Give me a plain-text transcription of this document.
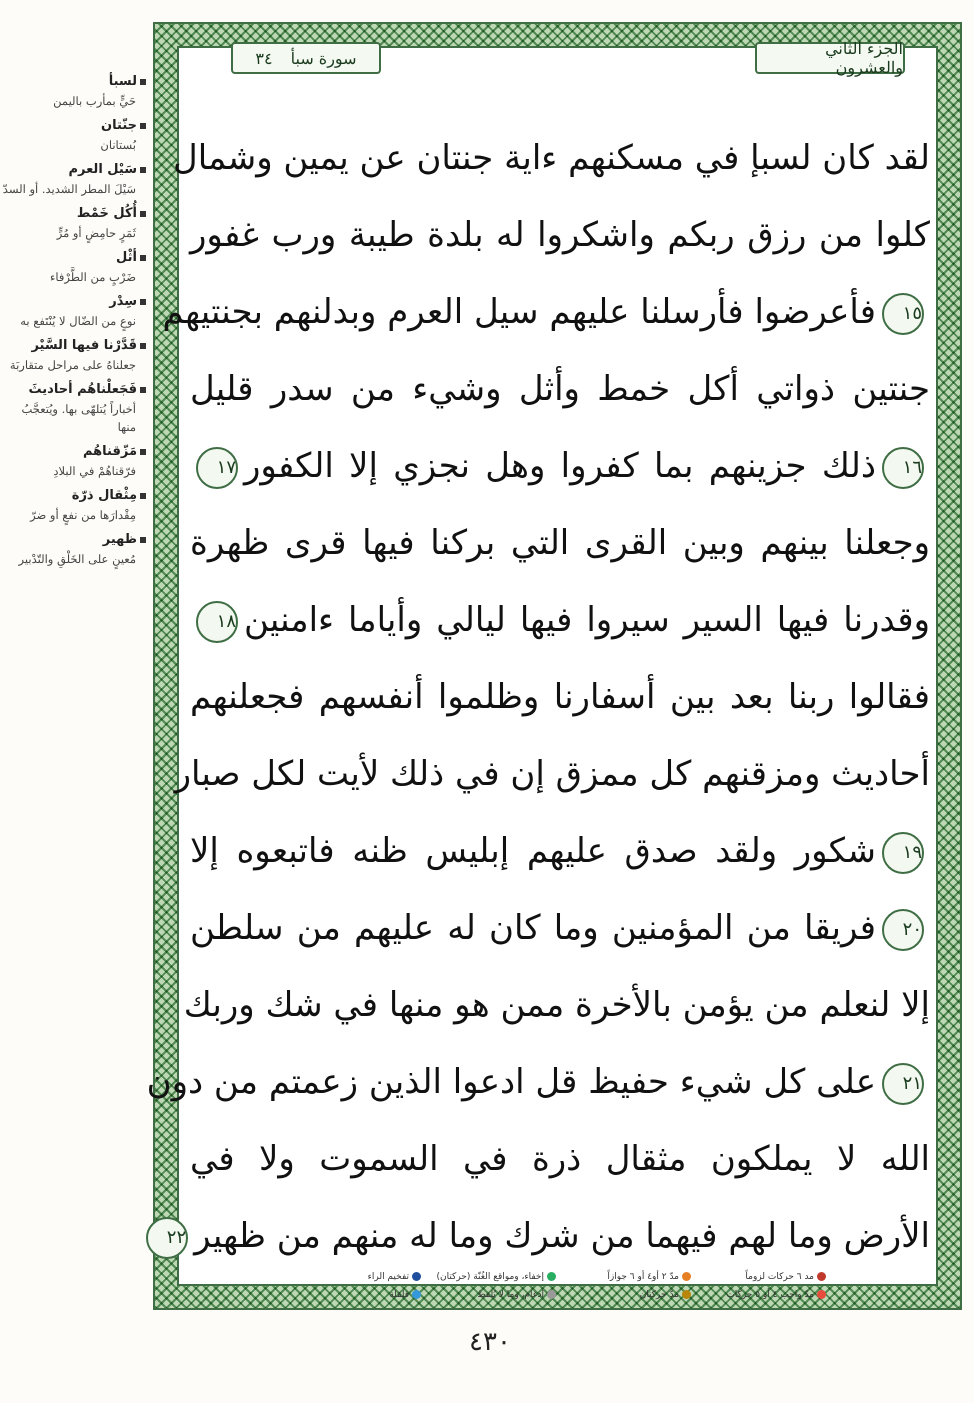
لسبأ
حَيٍّ بمأرب باليمن
جنّتان
بُستانان
سَيْل العرم
سَيْلَ المطر الشديد. أو السدّ
أُكُل خَمْط
ثَمَرٍ حامِضٍ أو مُرٍّ
أثْل
ضَرْبٍ من الطَّرْفاء
سِدْر
نوعٍ من الضّال لا يُنْتَفع به
قَدَّرْنا فيها السَّيْر
جعلناهُ على مراحل متقاربَة
فَجَعلْناهُم أحاديثَ
أخباراً يُتلهّى بها. ويُتعجَّبُ منها
مَزّقناهُم
فرّقناهُمْ في البلادِ
مِثْقال ذرّة
مِقْدارَها من نفعٍ أو ضرّ
ظهير
مُعينٍ على الخَلْقِ والتّدْبير
الجزء الثاني والعشرون
سورة سبأ
٣٤
لقد كان لسبإ في مسكنهم ءاية جنتان عن يمين وشمال
كلوا من رزق ربكم واشكروا له بلدة طيبة ورب غفور
١٥فأعرضوا فأرسلنا عليهم سيل العرم وبدلنهم بجنتيهم
جنتين ذواتي أكل خمط وأثل وشيء من سدر قليل
١٦ذلك جزينهم بما كفروا وهل نجزي إلا الكفور١٧
وجعلنا بينهم وبين القرى التي بركنا فيها قرى ظهرة
وقدرنا فيها السير سيروا فيها ليالي وأياما ءامنين١٨
فقالوا ربنا بعد بين أسفارنا وظلموا أنفسهم فجعلنهم
أحاديث ومزقنهم كل ممزق إن في ذلك لأيت لكل صبار
١٩شكور ولقد صدق عليهم إبليس ظنه فاتبعوه إلا
٢٠فريقا من المؤمنين وما كان له عليهم من سلطن
إلا لنعلم من يؤمن بالأخرة ممن هو منها في شك وربك
٢١على كل شيء حفيظ قل ادعوا الذين زعمتم من دون
الله لا يملكون مثقال ذرة في السموت ولا في
الأرض وما لهم فيهما من شرك وما له منهم من ظهير٢٢
مد ٦ حركات لزوماً
مدّ واجب ٤ أو ٥ حركات
مدّ ٢ أو٤ أو ٦ جوازاً
مدّ حركتان
إخفاء، ومواقع الغُنّة (حركتان)
ادغام، وما لا يُلفظ
تفخيم الراء
قلقلة
٤٣٠
